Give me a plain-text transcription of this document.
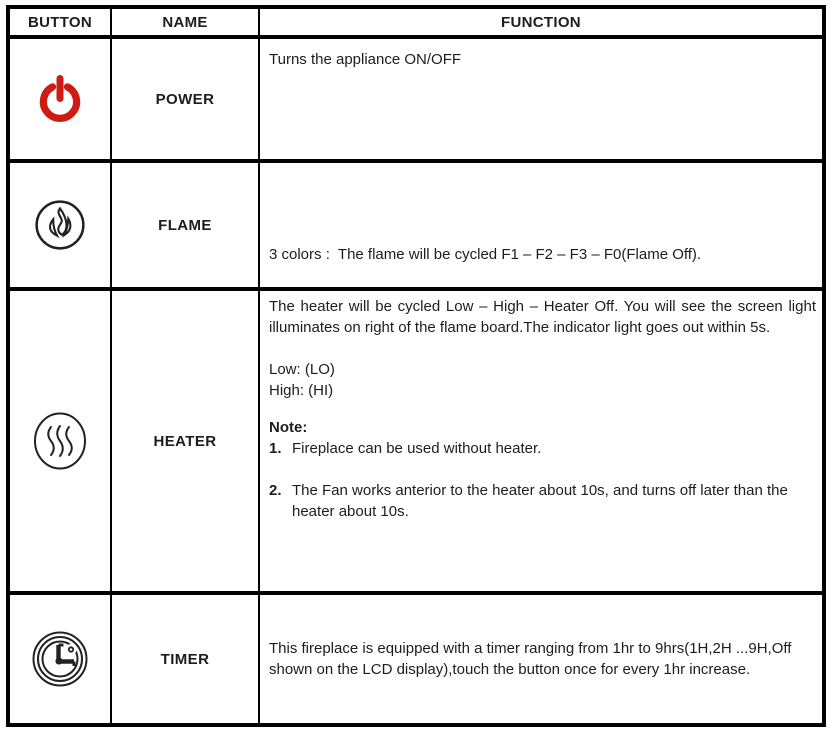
BUTTON	NAME	FUNCTION
POWER

Turns the appliance ON/OFF

FLAME

3 colors :  The flame will be cycled F1 – F2 – F3 – F0(Flame Off).

HEATER

The heater will be cycled Low – High – Heater Off. You will see the screen light illuminates on right of the flame board.The indicator light goes out within 5s.

Low: (LO)

High: (HI)

Note:

1. Fireplace can be used without heater.
2. The Fan works anterior to the heater about 10s, and turns off later than the heater about 10s.
TIMER

This fireplace is equipped with a timer ranging from 1hr to 9hrs(1H,2H ...9H,Off shown on the LCD display),touch the button once for every 1hr increase.
